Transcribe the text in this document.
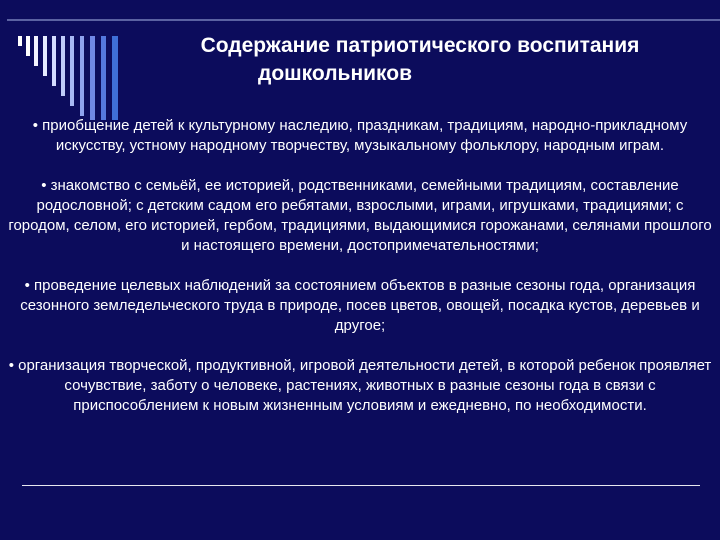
Содержание патриотического воспитания
дошкольников

• приобщение детей к культурному наследию, праздникам, традициям, народно-прикладному искусству, устному народному творчеству, музыкальному фольклору, народным играм.

• знакомство с семьёй, ее историей, родственниками, семейными традициям, составление родословной; с детским садом его ребятами, взрослыми, играми, игрушками, традициями; с городом, селом, его историей, гербом, традициями, выдающимися горожанами, селянами прошлого и настоящего времени, достопримечательностями;

• проведение целевых наблюдений за состоянием объектов в разные сезоны года, организация сезонного земледельческого труда в природе, посев цветов, овощей, посадка кустов, деревьев и другое;

• организация творческой, продуктивной, игровой деятельности детей, в которой ребенок проявляет сочувствие, заботу о человеке, растениях, животных в разные сезоны года в связи с приспособлением к новым жизненным условиям и ежедневно, по необходимости.
